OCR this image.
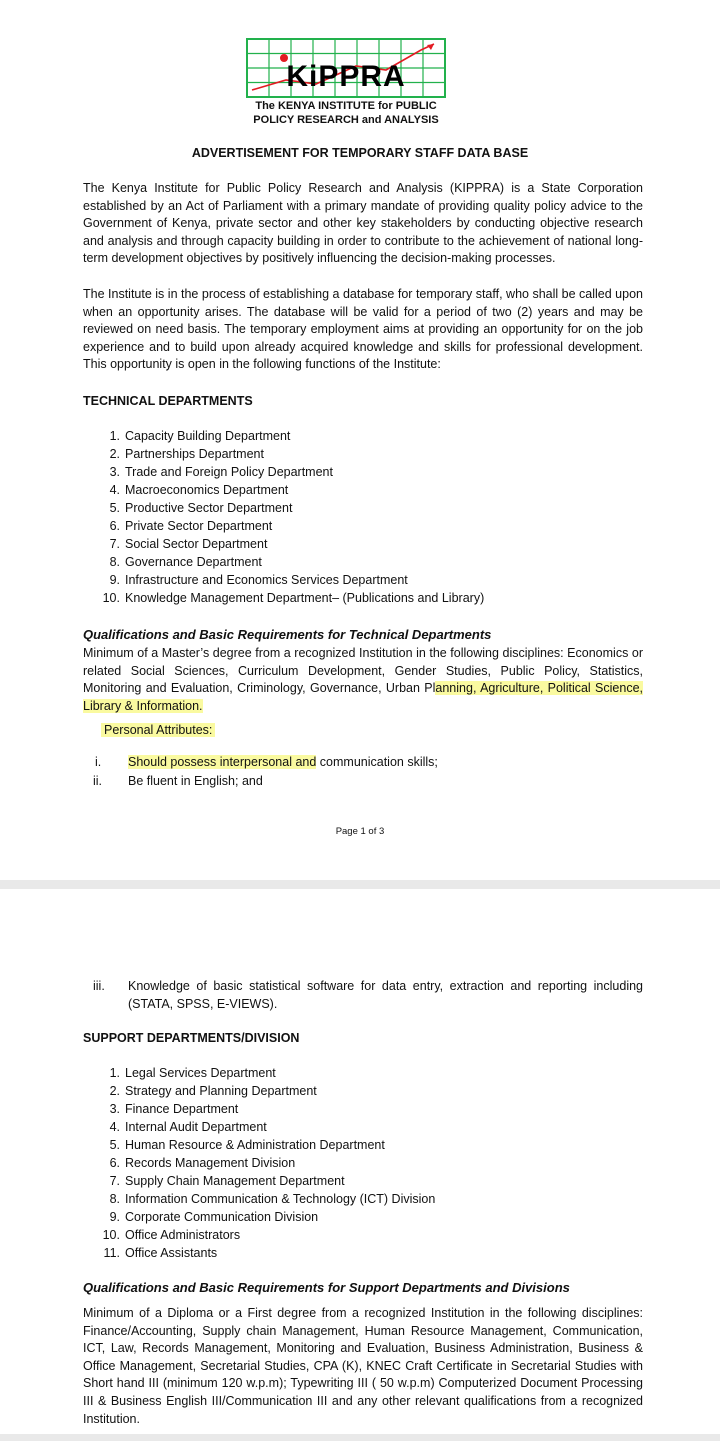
KiPPRA
The KENYA INSTITUTE for PUBLIC
POLICY RESEARCH and ANALYSIS
ADVERTISEMENT FOR TEMPORARY STAFF DATA BASE

The Kenya Institute for Public Policy Research and Analysis (KIPPRA) is a State Corporation established by an Act of Parliament with a primary mandate of providing quality policy advice to the Government of Kenya, private sector and other key stakeholders by conducting objective research and analysis and through capacity building in order to contribute to the achievement of national long-term development objectives by positively influencing the decision-making processes.

The Institute is in the process of establishing a database for temporary staff, who shall be called upon when an opportunity arises. The database will be valid for a period of two (2) years and may be reviewed on need basis. The temporary employment aims at providing an opportunity for on the job experience and to build upon already acquired knowledge and skills for professional development. This opportunity is open in the following functions of the Institute:

TECHNICAL DEPARTMENTS
1. Capacity Building Department
2. Partnerships Department
3. Trade and Foreign Policy Department
4. Macroeconomics Department
5. Productive Sector Department
6. Private Sector Department
7. Social Sector Department
8. Governance Department
9. Infrastructure and Economics Services Department
10. Knowledge Management Department– (Publications and Library)
Qualifications and Basic Requirements for Technical Departments

Minimum of a Master’s degree from a recognized Institution in the following disciplines: Economics or related Social Sciences, Curriculum Development, Gender Studies, Public Policy, Statistics, Monitoring and Evaluation, Criminology, Governance, Urban Planning, Agriculture, Political Science, Library & Information.

Personal Attributes:
i. Should possess interpersonal and communication skills;
ii. Be fluent in English; and
Page 1 of 3
iii. Knowledge of basic statistical software for data entry, extraction and reporting including (STATA, SPSS, E-VIEWS).
SUPPORT DEPARTMENTS/DIVISION
1. Legal Services Department
2. Strategy and Planning Department
3. Finance Department
4. Internal Audit Department
5. Human Resource & Administration Department
6. Records Management Division
7. Supply Chain Management Department
8. Information Communication & Technology (ICT) Division
9. Corporate Communication Division
10. Office Administrators
11. Office Assistants
Qualifications and Basic Requirements for Support Departments and Divisions

Minimum of a Diploma or a First degree from a recognized Institution in the following disciplines: Finance/Accounting, Supply chain Management, Human Resource Management, Communication, ICT, Law, Records Management, Monitoring and Evaluation, Business Administration, Business & Office Management, Secretarial Studies, CPA (K), KNEC Craft Certificate in Secretarial Studies with Short hand III (minimum 120 w.p.m); Typewriting III ( 50 w.p.m) Computerized Document Processing III & Business English III/Communication III and any other relevant qualifications from a recognized Institution.
